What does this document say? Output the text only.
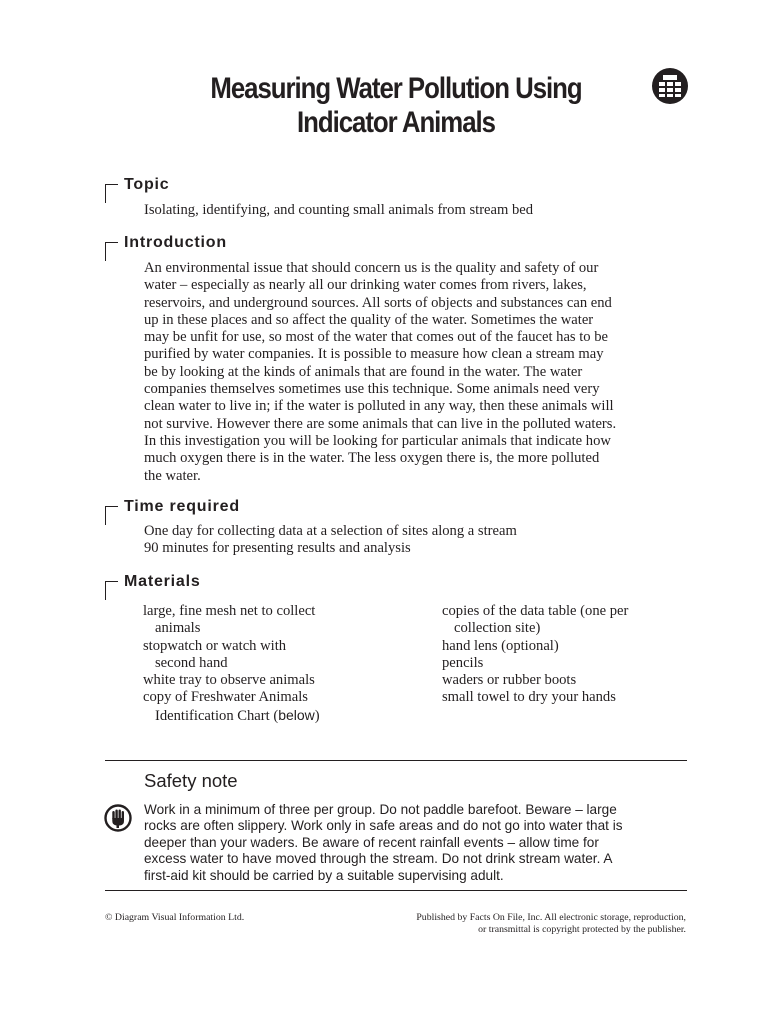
Measuring Water Pollution Using
Indicator Animals
Topic
Isolating, identifying, and counting small animals from stream bed
Introduction
An environmental issue that should concern us is the quality and safety of our
water – especially as nearly all our drinking water comes from rivers, lakes,
reservoirs, and underground sources. All sorts of objects and substances can end
up in these places and so affect the quality of the water. Sometimes the water
may be unfit for use, so most of the water that comes out of the faucet has to be
purified by water companies. It is possible to measure how clean a stream may
be by looking at the kinds of animals that are found in the water. The water
companies themselves sometimes use this technique. Some animals need very
clean water to live in; if the water is polluted in any way, then these animals will
not survive. However there are some animals that can live in the polluted waters.
In this investigation you will be looking for particular animals that indicate how
much oxygen there is in the water. The less oxygen there is, the more polluted
the water.
Time required
One day for collecting data at a selection of sites along a stream
90 minutes for presenting results and analysis
Materials
large, fine mesh net to collect
animals
stopwatch or watch with
second hand
white tray to observe animals
copy of Freshwater Animals
Identification Chart (below)
copies of the data table (one per
collection site)
hand lens (optional)
pencils
waders or rubber boots
small towel to dry your hands
Safety note
Work in a minimum of three per group. Do not paddle barefoot. Beware – large
rocks are often slippery. Work only in safe areas and do not go into water that is
deeper than your waders. Be aware of recent rainfall events – allow time for
excess water to have moved through the stream. Do not drink stream water. A
first-aid kit should be carried by a suitable supervising adult.
© Diagram Visual Information Ltd.	Published by Facts On File, Inc. All electronic storage, reproduction,
or transmittal is copyright protected by the publisher.
